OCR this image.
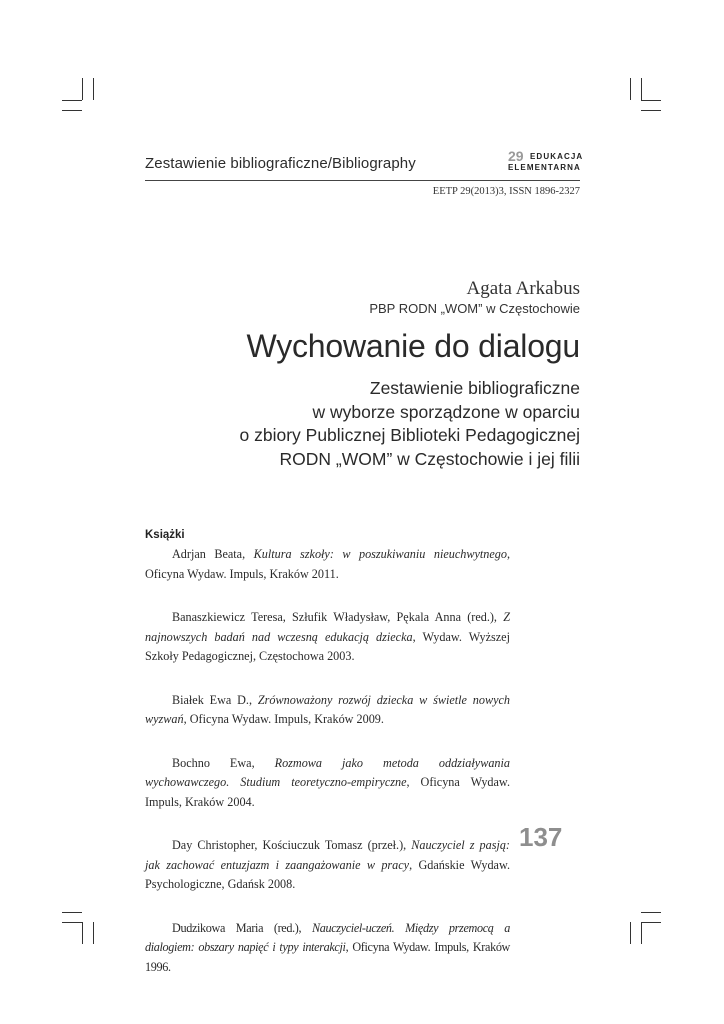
Zestawienie bibliograficzne/Bibliography	29 EDUKACJA
ELEMENTARNA
EETP 29(2013)3, ISSN 1896-2327
Agata Arkabus
PBP RODN „WOM” w Częstochowie
Wychowanie do dialogu
Zestawienie bibliograficzne
w wyborze sporządzone w oparciu
o zbiory Publicznej Biblioteki Pedagogicznej
RODN „WOM” w Częstochowie i jej filii
Książki

Adrjan Beata, Kultura szkoły: w poszukiwaniu nieuchwytnego, Oficyna Wydaw. Impuls, Kraków 2011.

Banaszkiewicz Teresa, Szłufik Władysław, Pękala Anna (red.), Z najnowszych badań nad wczesną edukacją dziecka, Wydaw. Wyższej Szkoły Pedagogicznej, Częstochowa 2003.

Białek Ewa D., Zrównoważony rozwój dziecka w świetle nowych wyzwań, Oficyna Wydaw. Impuls, Kraków 2009.

Bochno Ewa, Rozmowa jako metoda oddziaływania wychowawczego. Studium teoretyczno-empiryczne, Oficyna Wydaw. Impuls, Kraków 2004.

Day Christopher, Kościuczuk Tomasz (przeł.), Nauczyciel z pasją: jak zachować entuzjazm i zaangażowanie w pracy, Gdańskie Wydaw. Psychologiczne, Gdańsk 2008.

Dudzikowa Maria (red.), Nauczyciel-uczeń. Między przemocą a dialogiem: obszary napięć i typy interakcji, Oficyna Wydaw. Impuls, Kraków 1996.

137
